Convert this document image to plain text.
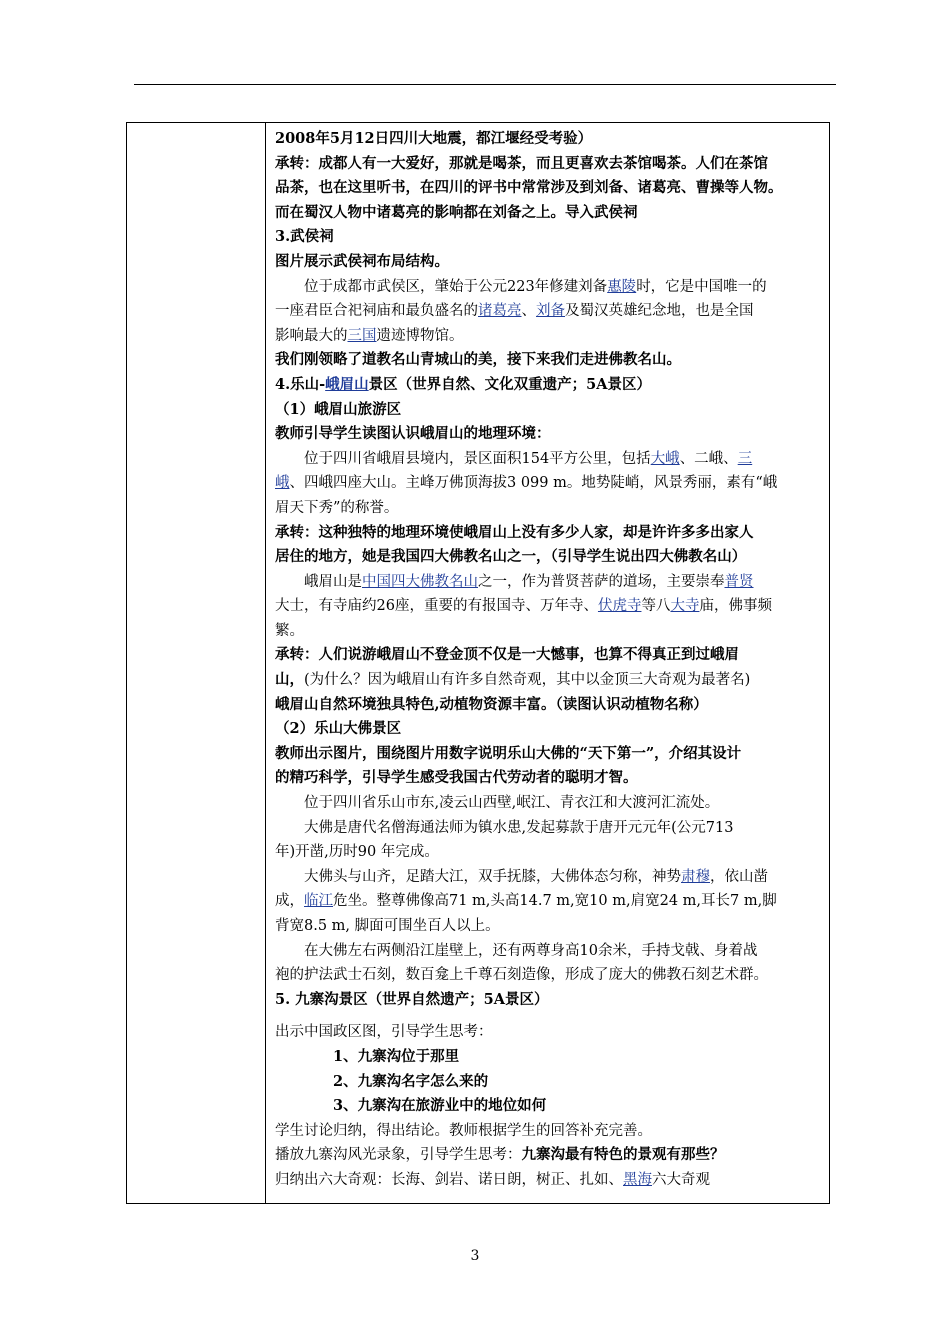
2008年5月12日四川大地震，都江堰经受考验）
承转：成都人有一大爱好，那就是喝茶，而且更喜欢去茶馆喝茶。人们在茶馆
品茶，也在这里听书，在四川的评书中常常涉及到刘备、诸葛亮、曹操等人物。
而在蜀汉人物中诸葛亮的影响都在刘备之上。导入武侯祠
3.武侯祠
图片展示武侯祠布局结构。
位于成都市武侯区，肇始于公元223年修建刘备惠陵时，它是中国唯一的
一座君臣合祀祠庙和最负盛名的诸葛亮、刘备及蜀汉英雄纪念地，也是全国
影响最大的三国遗迹博物馆。
我们刚领略了道教名山青城山的美，接下来我们走进佛教名山。
4.乐山-峨眉山景区（世界自然、文化双重遗产；5A景区）
（1）峨眉山旅游区
教师引导学生读图认识峨眉山的地理环境：
位于四川省峨眉县境内，景区面积154平方公里，包括大峨、二峨、三
峨、四峨四座大山。主峰万佛顶海拔3 099 m。地势陡峭，风景秀丽，素有“峨
眉天下秀”的称誉。
承转：这种独特的地理环境使峨眉山上没有多少人家，却是许许多多出家人
居住的地方，她是我国四大佛教名山之一，（引导学生说出四大佛教名山）
峨眉山是中国四大佛教名山之一，作为普贤菩萨的道场，主要崇奉普贤
大士，有寺庙约26座，重要的有报国寺、万年寺、伏虎寺等八大寺庙，佛事频
繁。
承转：人们说游峨眉山不登金顶不仅是一大憾事，也算不得真正到过峨眉
山，(为什么？因为峨眉山有许多自然奇观，其中以金顶三大奇观为最著名)
峨眉山自然环境独具特色,动植物资源丰富。（读图认识动植物名称）
（2）乐山大佛景区
教师出示图片，围绕图片用数字说明乐山大佛的“天下第一”，介绍其设计
的精巧科学，引导学生感受我国古代劳动者的聪明才智。
位于四川省乐山市东,凌云山西壁,岷江、青衣江和大渡河汇流处。
大佛是唐代名僧海通法师为镇水患,发起募款于唐开元元年(公元713
年)开凿,历时90 年完成。
大佛头与山齐，足踏大江，双手抚膝，大佛体态匀称，神势肃穆，依山凿
成，临江危坐。整尊佛像高71 m,头高14.7 m,宽10 m,肩宽24 m,耳长7 m,脚
背宽8.5 m, 脚面可围坐百人以上。
在大佛左右两侧沿江崖壁上，还有两尊身高10余米，手持戈戟、身着战
袍的护法武士石刻，数百龛上千尊石刻造像，形成了庞大的佛教石刻艺术群。
5. 九寨沟景区（世界自然遗产；5A景区）
出示中国政区图，引导学生思考：
1、九寨沟位于那里
2、九寨沟名字怎么来的
3、九寨沟在旅游业中的地位如何
学生讨论归纳，得出结论。教师根据学生的回答补充完善。
播放九寨沟风光录象，引导学生思考：九寨沟最有特色的景观有那些？
归纳出六大奇观：长海、剑岩、诺日朗，树正、扎如、黑海六大奇观
3
